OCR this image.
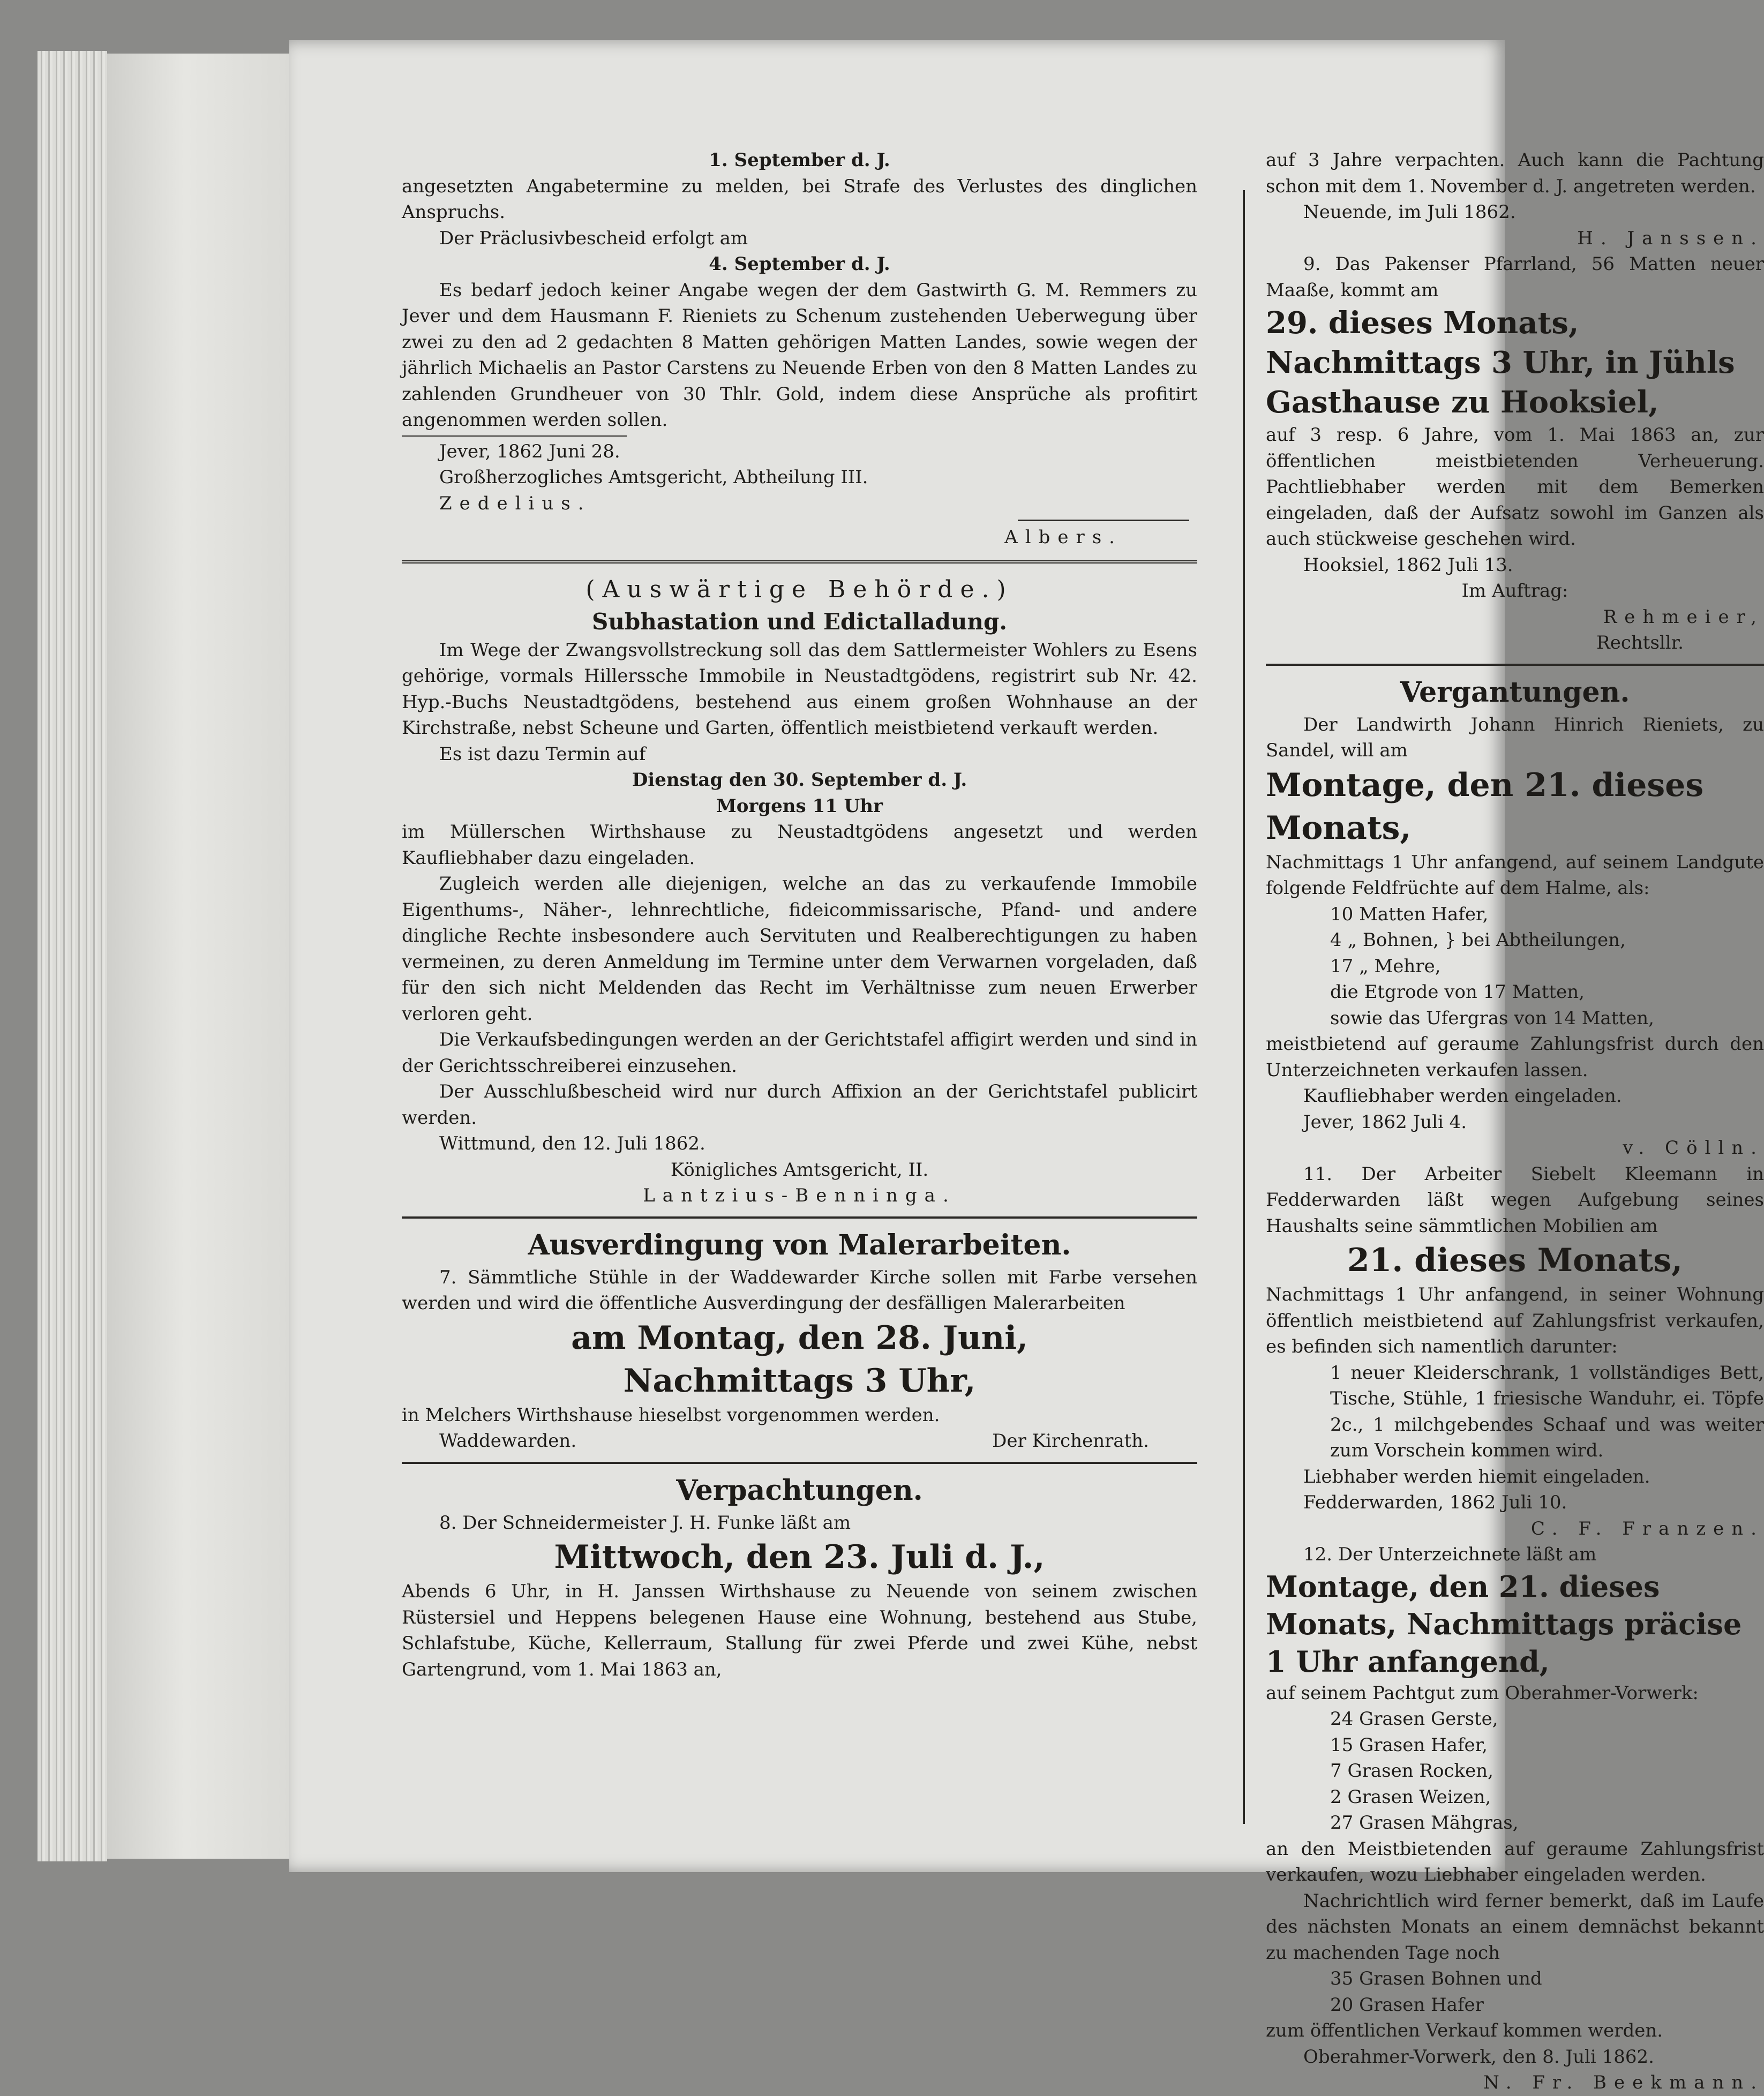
1. September d. J.

angesetzten Angabetermine zu melden, bei Strafe des Verlustes des dinglichen Anspruchs.

Der Präclusivbescheid erfolgt am

4. September d. J.

Es bedarf jedoch keiner Angabe wegen der dem Gastwirth G. M. Remmers zu Jever und dem Hausmann F. Rieniets zu Schenum zustehenden Ueberwegung über zwei zu den ad 2 gedachten 8 Matten gehörigen Matten Landes, sowie wegen der jährlich Michaelis an Pastor Carstens zu Neuende Erben von den 8 Matten Landes zu zahlenden Grundheuer von 30 Thlr. Gold, indem diese Ansprüche als profitirt angenommen werden sollen.

Jever, 1862 Juni 28.

Großherzogliches Amtsgericht, Abtheilung III.

Zedelius.

Albers.

(Auswärtige Behörde.)

Subhastation und Edictalladung.

Im Wege der Zwangsvollstreckung soll das dem Sattlermeister Wohlers zu Esens gehörige, vormals Hillerssche Immobile in Neustadtgödens, registrirt sub Nr. 42. Hyp.-Buchs Neustadtgödens, bestehend aus einem großen Wohnhause an der Kirchstraße, nebst Scheune und Garten, öffentlich meistbietend verkauft werden.

Es ist dazu Termin auf

Dienstag den 30. September d. J.

Morgens 11 Uhr

im Müllerschen Wirthshause zu Neustadtgödens angesetzt und werden Kaufliebhaber dazu eingeladen.

Zugleich werden alle diejenigen, welche an das zu verkaufende Immobile Eigenthums-, Näher-, lehnrechtliche, fideicommissarische, Pfand- und andere dingliche Rechte insbesondere auch Servituten und Realberechtigungen zu haben vermeinen, zu deren Anmeldung im Termine unter dem Verwarnen vorgeladen, daß für den sich nicht Meldenden das Recht im Verhältnisse zum neuen Erwerber verloren geht.

Die Verkaufsbedingungen werden an der Gerichtstafel affigirt werden und sind in der Gerichtsschreiberei einzusehen.

Der Ausschlußbescheid wird nur durch Affixion an der Gerichtstafel publicirt werden.

Wittmund, den 12. Juli 1862.

Königliches Amtsgericht, II.

Lantzius-Benninga.

Ausverdingung von Malerarbeiten.

7. Sämmtliche Stühle in der Waddewarder Kirche sollen mit Farbe versehen werden und wird die öffentliche Ausverdingung der desfälligen Malerarbeiten

am Montag, den 28. Juni,

Nachmittags 3 Uhr,

in Melchers Wirthshause hieselbst vorgenommen werden.

Waddewarden.	Der Kirchenrath.

Verpachtungen.

8. Der Schneidermeister J. H. Funke läßt am

Mittwoch, den 23. Juli d. J.,

Abends 6 Uhr, in H. Janssen Wirthshause zu Neuende von seinem zwischen Rüstersiel und Heppens belegenen Hause eine Wohnung, bestehend aus Stube, Schlafstube, Küche, Kellerraum, Stallung für zwei Pferde und zwei Kühe, nebst Gartengrund, vom 1. Mai 1863 an,

auf 3 Jahre verpachten. Auch kann die Pachtung schon mit dem 1. November d. J. angetreten werden.

Neuende, im Juli 1862.

H. Janssen.

9. Das Pakenser Pfarrland, 56 Matten neuer Maaße, kommt am

29. dieses Monats, Nachmittags 3 Uhr, in Jühls Gasthause zu Hooksiel,

auf 3 resp. 6 Jahre, vom 1. Mai 1863 an, zur öffentlichen meistbietenden Verheuerung. Pachtliebhaber werden mit dem Bemerken eingeladen, daß der Aufsatz sowohl im Ganzen als auch stückweise geschehen wird.

Hooksiel, 1862 Juli 13.

Im Auftrag:

Rehmeier,

Rechtsllr.

Vergantungen.

Der Landwirth Johann Hinrich Rieniets, zu Sandel, will am

Montage, den 21. dieses Monats,

Nachmittags 1 Uhr anfangend, auf seinem Landgute folgende Feldfrüchte auf dem Halme, als:

10 Matten Hafer,

4 „ Bohnen, } bei Abtheilungen,

17 „ Mehre,

die Etgrode von 17 Matten,

sowie das Ufergras von 14 Matten,

meistbietend auf geraume Zahlungsfrist durch den Unterzeichneten verkaufen lassen.

Kaufliebhaber werden eingeladen.

Jever, 1862 Juli 4.

v. Cölln.

11. Der Arbeiter Siebelt Kleemann in Fedderwarden läßt wegen Aufgebung seines Haushalts seine sämmtlichen Mobilien am

21. dieses Monats,

Nachmittags 1 Uhr anfangend, in seiner Wohnung öffentlich meistbietend auf Zahlungsfrist verkaufen, es befinden sich namentlich darunter:

1 neuer Kleiderschrank, 1 vollständiges Bett, Tische, Stühle, 1 friesische Wanduhr, ei. Töpfe 2c., 1 milchgebendes Schaaf und was weiter zum Vorschein kommen wird.

Liebhaber werden hiemit eingeladen.

Fedderwarden, 1862 Juli 10.

C. F. Franzen.

12. Der Unterzeichnete läßt am

Montage, den 21. dieses Monats, Nachmittags präcise 1 Uhr anfangend,

auf seinem Pachtgut zum Oberahmer-Vorwerk:

24 Grasen Gerste,

15 Grasen Hafer,

7 Grasen Rocken,

2 Grasen Weizen,

27 Grasen Mähgras,

an den Meistbietenden auf geraume Zahlungsfrist verkaufen, wozu Liebhaber eingeladen werden.

Nachrichtlich wird ferner bemerkt, daß im Laufe des nächsten Monats an einem demnächst bekannt zu machenden Tage noch

35 Grasen Bohnen und

20 Grasen Hafer

zum öffentlichen Verkauf kommen werden.

Oberahmer-Vorwerk, den 8. Juli 1862.

N. Fr. Beekmann.
